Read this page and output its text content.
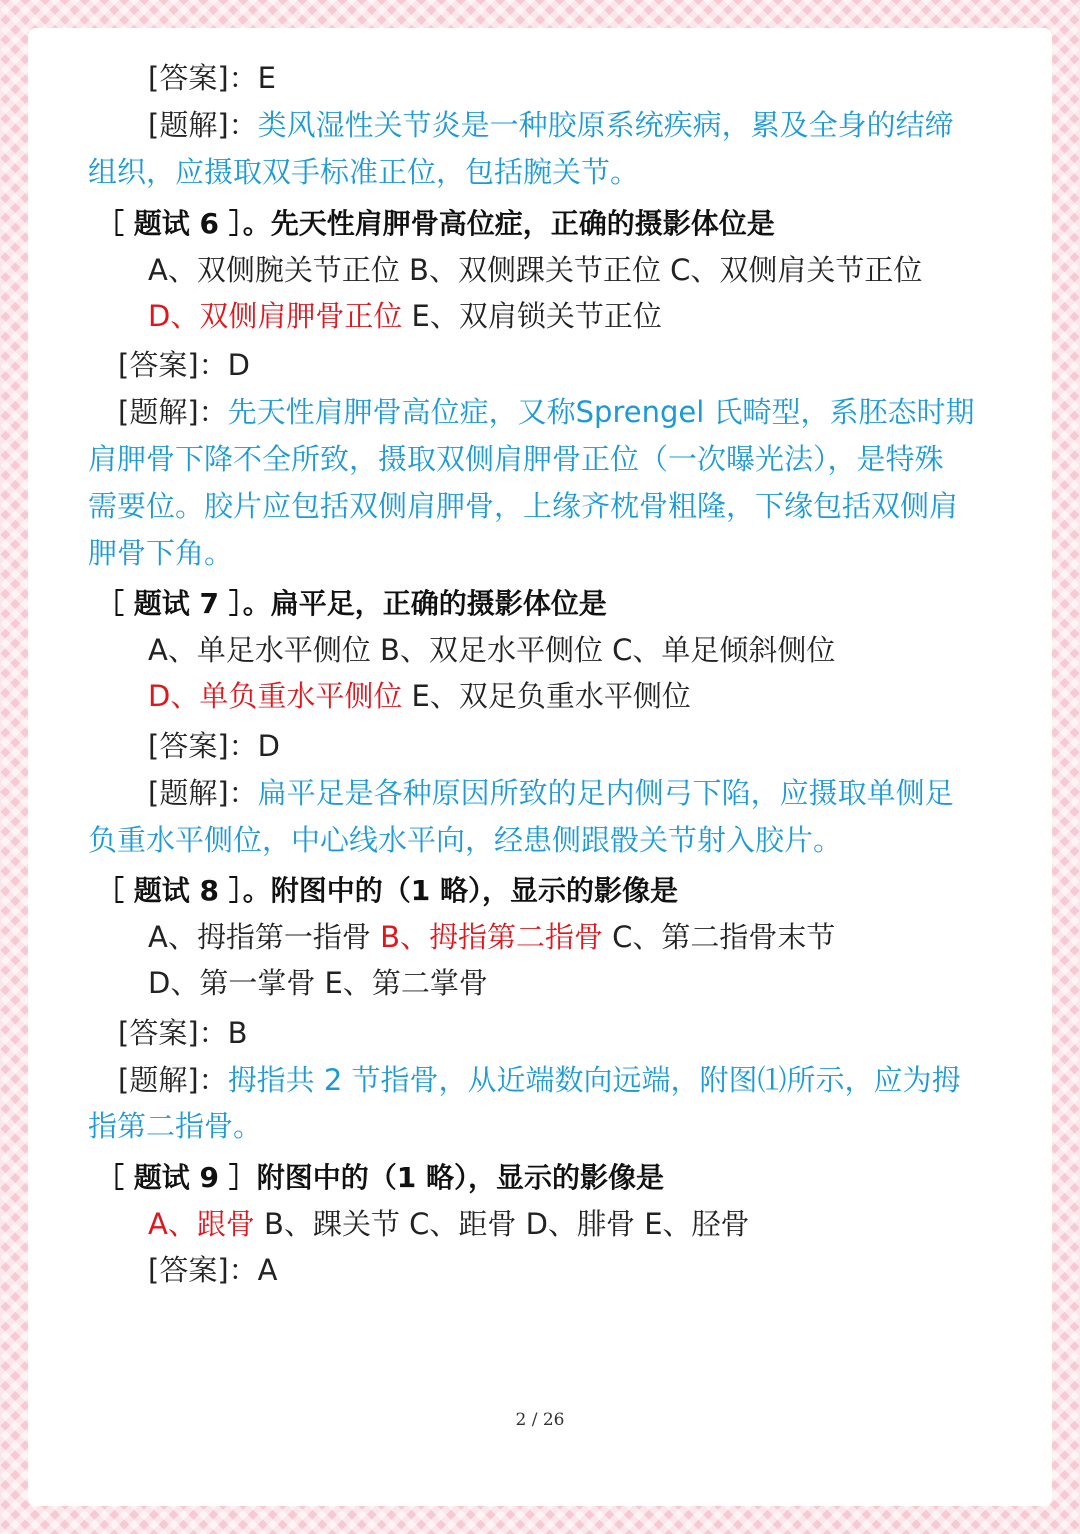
[答案]：E
[题解]：类风湿性关节炎是一种胶原系统疾病，累及全身的结缔
组织，应摄取双手标准正位，包括腕关节。
［ 题试 6 ］。先天性肩胛骨高位症，正确的摄影体位是
A、双侧腕关节正位 B、双侧踝关节正位 C、双侧肩关节正位
D、双侧肩胛骨正位 E、双肩锁关节正位
[答案]：D
[题解]：先天性肩胛骨高位症，又称Sprengel 氏畸型，系胚态时期
肩胛骨下降不全所致，摄取双侧肩胛骨正位（一次曝光法），是特殊
需要位。胶片应包括双侧肩胛骨，上缘齐枕骨粗隆，下缘包括双侧肩
胛骨下角。
［ 题试 7 ］。扁平足，正确的摄影体位是
A、单足水平侧位 B、双足水平侧位 C、单足倾斜侧位
D、单负重水平侧位 E、双足负重水平侧位
[答案]：D
[题解]：扁平足是各种原因所致的足内侧弓下陷，应摄取单侧足
负重水平侧位，中心线水平向，经患侧跟骰关节射入胶片。
［ 题试 8 ］。附图中的（1 略），显示的影像是
A、拇指第一指骨 B、拇指第二指骨 C、第二指骨末节
D、第一掌骨 E、第二掌骨
[答案]：B
[题解]：拇指共 2 节指骨，从近端数向远端，附图⑴所示，应为拇
指第二指骨。
［ 题试 9 ］附图中的（1 略），显示的影像是
A、跟骨 B、踝关节 C、距骨 D、腓骨 E、胫骨
[答案]：A
2 / 26
